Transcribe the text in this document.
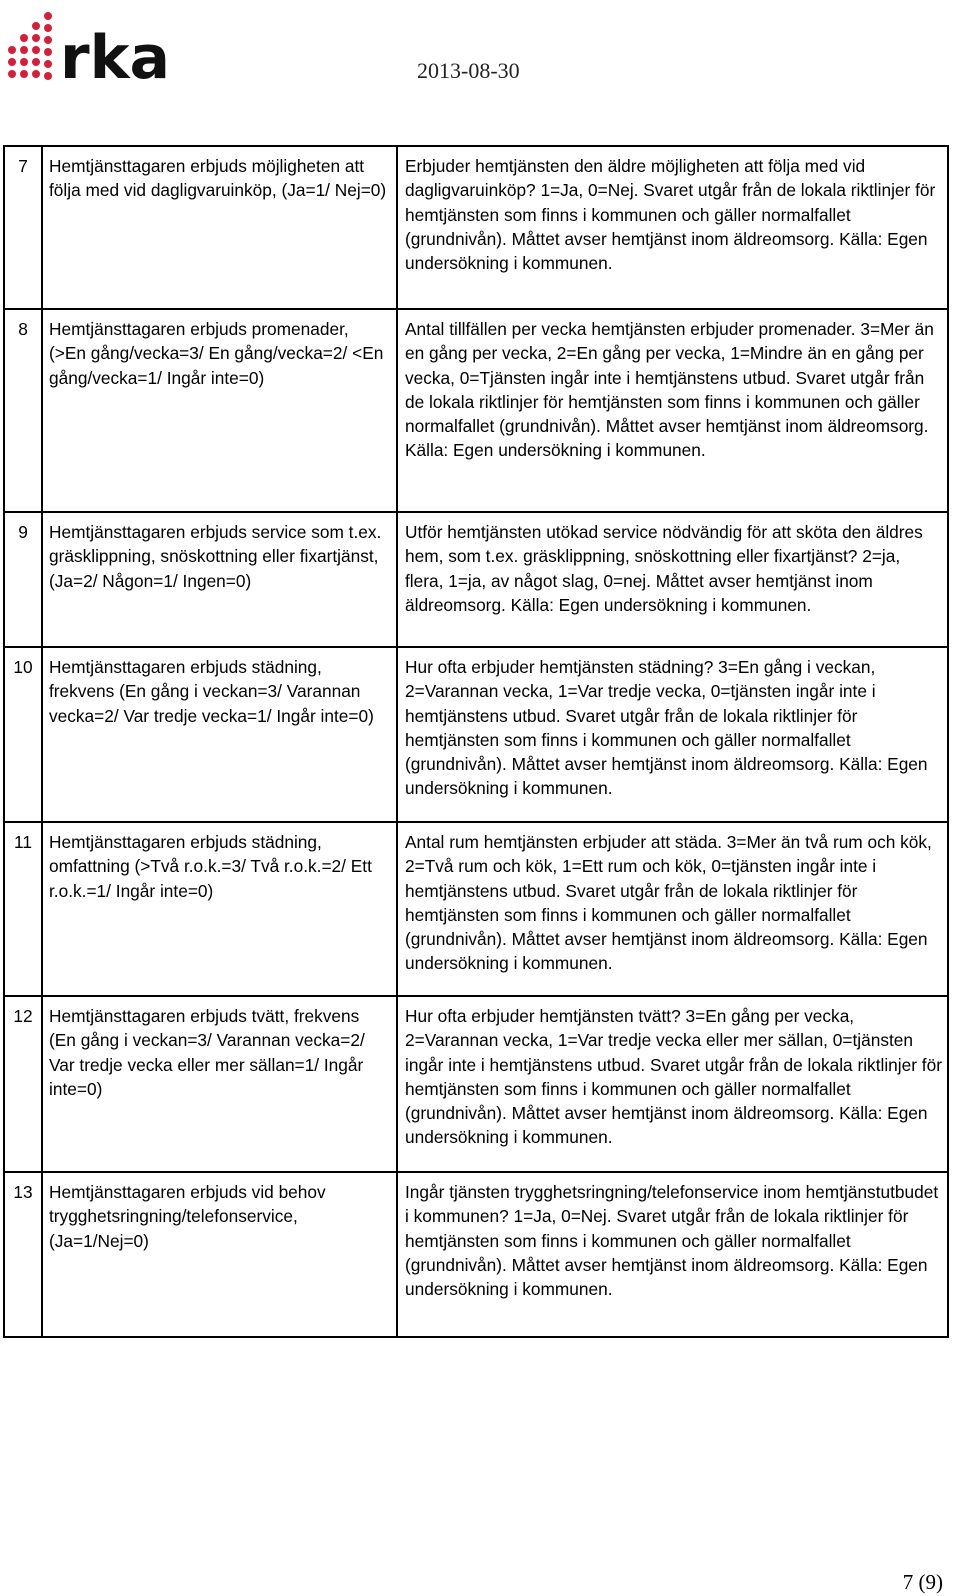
rka	2013-08-30
7	Hemtjänsttagaren erbjuds möjligheten att följa med vid dagligvaruinköp, (Ja=1/ Nej=0)	Erbjuder hemtjänsten den äldre möjligheten att följa med vid dagligvaruinköp? 1=Ja, 0=Nej. Svaret utgår från de lokala riktlinjer för hemtjänsten som finns i kommunen och gäller normalfallet (grundnivån). Måttet avser hemtjänst inom äldreomsorg. Källa: Egen undersökning i kommunen.
8	Hemtjänsttagaren erbjuds promenader, (>En gång/vecka=3/ En gång/vecka=2/ <En gång/vecka=1/ Ingår inte=0)	Antal tillfällen per vecka hemtjänsten erbjuder promenader. 3=Mer än en gång per vecka, 2=En gång per vecka, 1=Mindre än en gång per vecka, 0=Tjänsten ingår inte i hemtjänstens utbud. Svaret utgår från de lokala riktlinjer för hemtjänsten som finns i kommunen och gäller normalfallet (grundnivån). Måttet avser hemtjänst inom äldreomsorg. Källa: Egen undersökning i kommunen.
9	Hemtjänsttagaren erbjuds service som t.ex. gräsklippning, snöskottning eller fixartjänst, (Ja=2/ Någon=1/ Ingen=0)	Utför hemtjänsten utökad service nödvändig för att sköta den äldres hem, som t.ex. gräsklippning, snöskottning eller fixartjänst? 2=ja, flera, 1=ja, av något slag, 0=nej. Måttet avser hemtjänst inom äldreomsorg. Källa: Egen undersökning i kommunen.
10	Hemtjänsttagaren erbjuds städning, frekvens (En gång i veckan=3/ Varannan vecka=2/ Var tredje vecka=1/ Ingår inte=0)	Hur ofta erbjuder hemtjänsten städning? 3=En gång i veckan, 2=Varannan vecka, 1=Var tredje vecka, 0=tjänsten ingår inte i hemtjänstens utbud. Svaret utgår från de lokala riktlinjer för hemtjänsten som finns i kommunen och gäller normalfallet (grundnivån). Måttet avser hemtjänst inom äldreomsorg. Källa: Egen undersökning i kommunen.
11	Hemtjänsttagaren erbjuds städning, omfattning (>Två r.o.k.=3/ Två r.o.k.=2/ Ett r.o.k.=1/ Ingår inte=0)	Antal rum hemtjänsten erbjuder att städa. 3=Mer än två rum och kök, 2=Två rum och kök, 1=Ett rum och kök, 0=tjänsten ingår inte i hemtjänstens utbud. Svaret utgår från de lokala riktlinjer för hemtjänsten som finns i kommunen och gäller normalfallet (grundnivån). Måttet avser hemtjänst inom äldreomsorg. Källa: Egen undersökning i kommunen.
12	Hemtjänsttagaren erbjuds tvätt, frekvens (En gång i veckan=3/ Varannan vecka=2/ Var tredje vecka eller mer sällan=1/ Ingår inte=0)	Hur ofta erbjuder hemtjänsten tvätt? 3=En gång per vecka, 2=Varannan vecka, 1=Var tredje vecka eller mer sällan, 0=tjänsten ingår inte i hemtjänstens utbud. Svaret utgår från de lokala riktlinjer för hemtjänsten som finns i kommunen och gäller normalfallet (grundnivån). Måttet avser hemtjänst inom äldreomsorg. Källa: Egen undersökning i kommunen.
13	Hemtjänsttagaren erbjuds vid behov trygghetsringning/telefonservice, (Ja=1/Nej=0)	Ingår tjänsten trygghetsringning/telefonservice inom hemtjänstutbudet i kommunen? 1=Ja, 0=Nej. Svaret utgår från de lokala riktlinjer för hemtjänsten som finns i kommunen och gäller normalfallet (grundnivån). Måttet avser hemtjänst inom äldreomsorg. Källa: Egen undersökning i kommunen.
7 (9)
